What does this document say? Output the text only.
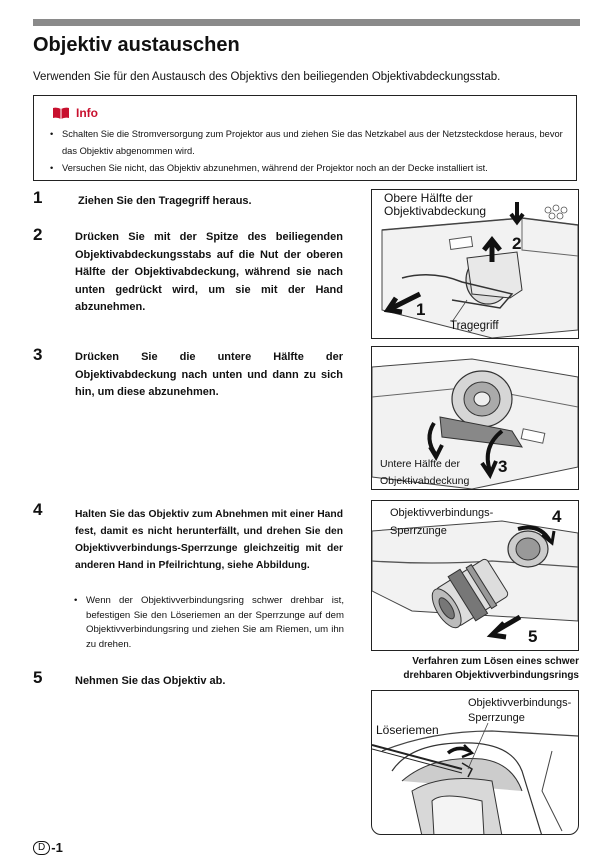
Objektiv austauschen
Verwenden Sie für den Austausch des Objektivs den beiliegenden Objektivabdeckungsstab.
Info
• Schalten Sie die Stromversorgung zum Projektor aus und ziehen Sie das Netzkabel aus der Netzsteckdose heraus, bevor das Objektiv abgenommen wird.
• Versuchen Sie nicht, das Objektiv abzunehmen, während der Projektor noch an der Decke installiert ist.
1	Ziehen Sie den Tragegriff heraus.
2	Drücken Sie mit der Spitze des beiliegenden Objektivabdeckungsstabs auf die Nut der oberen Hälfte der Objektivabdeckung, während sie nach unten gedrückt wird, um sie mit der Hand abzunehmen.
3	Drücken Sie die untere Hälfte der Objektivabdeckung nach unten und dann zu sich hin, um diese abzunehmen.
4	Halten Sie das Objektiv zum Abnehmen mit einer Hand fest, damit es nicht herunterfällt, und drehen Sie den Objektivverbindungs-Sperrzunge gleichzeitig mit der anderen Hand in Pfeilrichtung, siehe Abbildung.
• Wenn der Objektivverbindungsring schwer drehbar ist, befestigen Sie den Löseriemen an der Sperrzunge auf dem Objektivverbindungsring und ziehen Sie am Riemen, um ihn zu drehen.
5	Nehmen Sie das Objektiv ab.
Obere Hälfte der Objektivabdeckung
2
1
Tragegriff
Untere Hälfte der Objektivabdeckung
3
Objektivverbindungs-Sperrzunge
4
5
Verfahren zum Lösen eines schwer drehbaren Objektivverbindungsrings
Objektivverbindungs-Sperrzunge
Löseriemen
D -1
